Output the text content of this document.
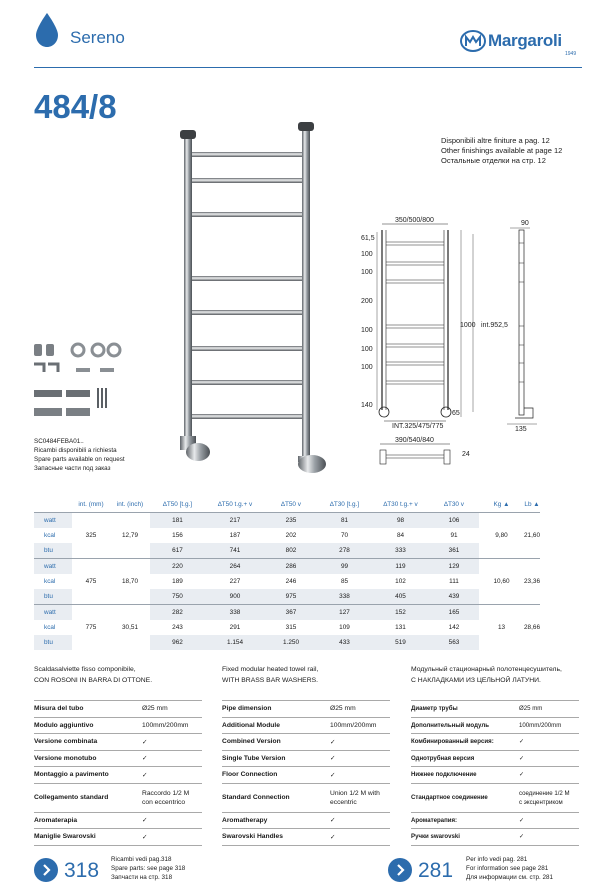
Sereno	Margaroli
1949
484/8
Disponibili altre finiture a pag. 12
Other finishings available at page 12
Остальные отделки на стр. 12
350/500/800
61,5
100
100
200
100
100
100
140
1000 int.952,5
65
INT.325/475/775
90
135
390/540/840
24
SC0484FEBA01..
Ricambi disponibili a richiesta
Spare parts available on request
Запасные части под заказ
	int. (mm)	int. (inch)	∆T50 [t.g.]	∆T50 t.g.+ v	∆T50 v	∆T30 [t.g.]	∆T30 t.g.+ v	∆T30 v	Kg ▲	Lb ▲
watt	325	12,79	181	217	235	81	98	106	9,80	21,60
kcal			156	187	202	70	84	91		
btu			617	741	802	278	333	361		
watt	475	18,70	220	264	286	99	119	129	10,60	23,36
kcal			189	227	246	85	102	111		
btu			750	900	975	338	405	439		
watt	775	30,51	282	338	367	127	152	165	13	28,66
kcal			243	291	315	109	131	142		
btu			962	1.154	1.250	433	519	563		
Scaldasalviette fisso componibile,
CON ROSONI IN BARRA DI OTTONE.
Fixed modular heated towel rail,
WITH BRASS BAR WASHERS.
Модульный стационарный полотенцесушитель,
С НАКЛАДКАМИ ИЗ ЦЕЛЬНОЙ ЛАТУНИ.
Misura del tubo	Ø25 mm
Modulo aggiuntivo	100mm/200mm
Versione combinata	✓
Versione monotubo	✓
Montaggio a pavimento	✓
Collegamento standard	Raccordo 1/2 M
con eccentrico
Aromaterapia	✓
Maniglie Swarovski	✓
Pipe dimension	Ø25 mm
Additional Module	100mm/200mm
Combined Version	✓
Single Tube Version	✓
Floor Connection	✓
Standard Connection	Union 1/2 M with
eccentric
Aromatherapy	✓
Swarovski Handles	✓
Диаметр трубы	Ø25 mm
Дополнительный модуль	100mm/200mm
Комбинированный версия:	✓
Однотрубная версия	✓
Нижнее подключение	✓
Стандартное соединение	соединение 1/2 M
с эксцентриком
Ароматерапия:	✓
Ручки swarovski	✓
318 Ricambi vedi pag.318
Spare parts: see page 318
Запчасти на стр. 318	281 Per info vedi pag. 281
For information see page 281
Для информации см. стр. 281
